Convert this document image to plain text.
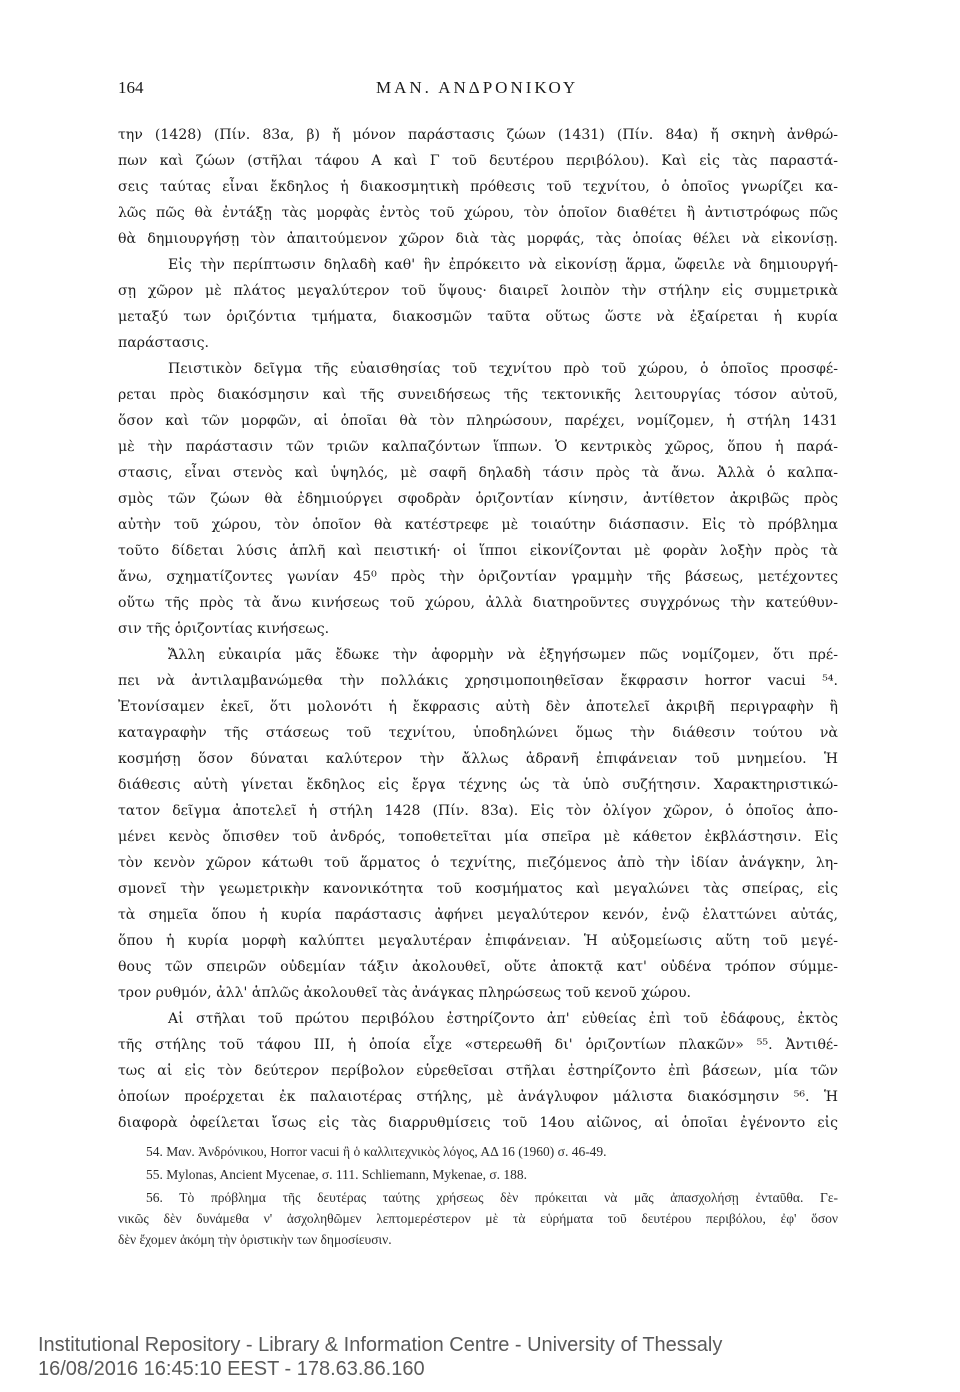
164	ΜΑΝ. ΑΝΔΡΟΝΙΚΟΥ
την (1428) (Πίν. 83α, β) ἤ μόνον παράστασις ζώων (1431) (Πίν. 84α) ἤ σκηνὴ ἀνθρώ-
πων καὶ ζώων (στῆλαι τάφου Α καὶ Γ τοῦ δευτέρου περιβόλου). Καὶ εἰς τὰς παραστά-
σεις ταύτας εἶναι ἔκδηλος ἡ διακοσμητικὴ πρόθεσις τοῦ τεχνίτου, ὁ ὁποῖος γνωρίζει κα-
λῶς πῶς θὰ ἐντάξῃ τὰς μορφὰς ἐντὸς τοῦ χώρου, τὸν ὁποῖον διαθέτει ἢ ἀντιστρόφως πῶς
θὰ δημιουργήσῃ τὸν ἀπαιτούμενον χῶρον διὰ τὰς μορφάς, τὰς ὁποίας θέλει νὰ εἰκονίσῃ.
Εἰς τὴν περίπτωσιν δηλαδὴ καθ' ἣν ἐπρόκειτο νὰ εἰκονίσῃ ἅρμα, ὤφειλε νὰ δημιουργή-
σῃ χῶρον μὲ πλάτος μεγαλύτερον τοῦ ὕψους· διαιρεῖ λοιπὸν τὴν στήλην εἰς συμμετρικὰ
μεταξύ των ὁριζόντια τμήματα, διακοσμῶν ταῦτα οὕτως ὥστε νὰ ἐξαίρεται ἡ κυρία
παράστασις.
Πειστικὸν δεῖγμα τῆς εὐαισθησίας τοῦ τεχνίτου πρὸ τοῦ χώρου, ὁ ὁποῖος προσφέ-
ρεται πρὸς διακόσμησιν καὶ τῆς συνειδήσεως τῆς τεκτονικῆς λειτουργίας τόσον αὐτοῦ,
ὅσον καὶ τῶν μορφῶν, αἱ ὁποῖαι θὰ τὸν πληρώσουν, παρέχει, νομίζομεν, ἡ στήλη 1431
μὲ τὴν παράστασιν τῶν τριῶν καλπαζόντων ἵππων. Ὁ κεντρικὸς χῶρος, ὅπου ἡ παρά-
στασις, εἶναι στενὸς καὶ ὑψηλός, μὲ σαφῆ δηλαδὴ τάσιν πρὸς τὰ ἄνω. Ἀλλὰ ὁ καλπα-
σμὸς τῶν ζώων θὰ ἐδημιούργει σφοδρὰν ὁριζοντίαν κίνησιν, ἀντίθετον ἀκριβῶς πρὸς
αὐτὴν τοῦ χώρου, τὸν ὁποῖον θὰ κατέστρεφε μὲ τοιαύτην διάσπασιν. Εἰς τὸ πρόβλημα
τοῦτο δίδεται λύσις ἁπλῆ καὶ πειστική· οἱ ἵπποι εἰκονίζονται μὲ φορὰν λοξὴν πρὸς τὰ
ἄνω, σχηματίζοντες γωνίαν 45⁰ πρὸς τὴν ὁριζοντίαν γραμμὴν τῆς βάσεως, μετέχοντες
οὕτω τῆς πρὸς τὰ ἄνω κινήσεως τοῦ χώρου, ἀλλὰ διατηροῦντες συγχρόνως τὴν κατεύθυν-
σιν τῆς ὁριζοντίας κινήσεως.
Ἄλλη εὐκαιρία μᾶς ἔδωκε τὴν ἀφορμὴν νὰ ἐξηγήσωμεν πῶς νομίζομεν, ὅτι πρέ-
πει νὰ ἀντιλαμβανώμεθα τὴν πολλάκις χρησιμοποιηθεῖσαν ἔκφρασιν horror vacui ⁵⁴.
Ἐτονίσαμεν ἐκεῖ, ὅτι μολονότι ἡ ἔκφρασις αὐτὴ δὲν ἀποτελεῖ ἀκριβῆ περιγραφὴν ἢ
καταγραφὴν τῆς στάσεως τοῦ τεχνίτου, ὑποδηλώνει ὅμως τὴν διάθεσιν τούτου νὰ
κοσμήσῃ ὅσον δύναται καλύτερον τὴν ἄλλως ἀδρανῆ ἐπιφάνειαν τοῦ μνημείου. Ἡ
διάθεσις αὐτὴ γίνεται ἔκδηλος εἰς ἔργα τέχνης ὡς τὰ ὑπὸ συζήτησιν. Χαρακτηριστικώ-
τατον δεῖγμα ἀποτελεῖ ἡ στήλη 1428 (Πίν. 83α). Εἰς τὸν ὀλίγον χῶρον, ὁ ὁποῖος ἀπο-
μένει κενὸς ὄπισθεν τοῦ ἀνδρός, τοποθετεῖται μία σπεῖρα μὲ κάθετον ἐκβλάστησιν. Εἰς
τὸν κενὸν χῶρον κάτωθι τοῦ ἅρματος ὁ τεχνίτης, πιεζόμενος ἀπὸ τὴν ἰδίαν ἀνάγκην, λη-
σμονεῖ τὴν γεωμετρικὴν κανονικότητα τοῦ κοσμήματος καὶ μεγαλώνει τὰς σπείρας, εἰς
τὰ σημεῖα ὅπου ἡ κυρία παράστασις ἀφήνει μεγαλύτερον κενόν, ἐνῷ ἐλαττώνει αὐτάς,
ὅπου ἡ κυρία μορφὴ καλύπτει μεγαλυτέραν ἐπιφάνειαν. Ἡ αὐξομείωσις αὕτη τοῦ μεγέ-
θους τῶν σπειρῶν οὐδεμίαν τάξιν ἀκολουθεῖ, οὔτε ἀποκτᾷ κατ' οὐδένα τρόπον σύμμε-
τρον ρυθμόν, ἀλλ' ἁπλῶς ἀκολουθεῖ τὰς ἀνάγκας πληρώσεως τοῦ κενοῦ χώρου.
Αἱ στῆλαι τοῦ πρώτου περιβόλου ἐστηρίζοντο ἀπ' εὐθείας ἐπὶ τοῦ ἐδάφους, ἐκτὸς
τῆς στήλης τοῦ τάφου III, ἡ ὁποία εἶχε «στερεωθῆ δι' ὁριζοντίων πλακῶν» ⁵⁵. Ἀντιθέ-
τως αἱ εἰς τὸν δεύτερον περίβολον εὑρεθεῖσαι στῆλαι ἐστηρίζοντο ἐπὶ βάσεων, μία τῶν
ὁποίων προέρχεται ἐκ παλαιοτέρας στήλης, μὲ ἀνάγλυφον μάλιστα διακόσμησιν ⁵⁶. Ἡ
διαφορὰ ὀφείλεται ἴσως εἰς τὰς διαρρυθμίσεις τοῦ 14ου αἰῶνος, αἱ ὁποῖαι ἐγένοντο εἰς
54. Μαν. Ἀνδρόνικου, Horror vacui ἢ ὁ καλλιτεχνικὸς λόγος, ΑΔ 16 (1960) σ. 46-49.
55. Mylonas, Ancient Mycenae, σ. 111. Schliemann, Mykenae, σ. 188.
56. Τὸ πρόβλημα τῆς δευτέρας ταύτης χρήσεως δὲν πρόκειται νὰ μᾶς ἀπασχολήσῃ ἐνταῦθα. Γε-
νικῶς δὲν δυνάμεθα ν' ἀσχοληθῶμεν λεπτομερέστερον μὲ τὰ εὑρήματα τοῦ δευτέρου περιβόλου, ἐφ' ὅσον
δὲν ἔχομεν ἀκόμη τὴν ὁριστικὴν των δημοσίευσιν.
Institutional Repository - Library & Information Centre - University of Thessaly
16/08/2016 16:45:10 EEST - 178.63.86.160
